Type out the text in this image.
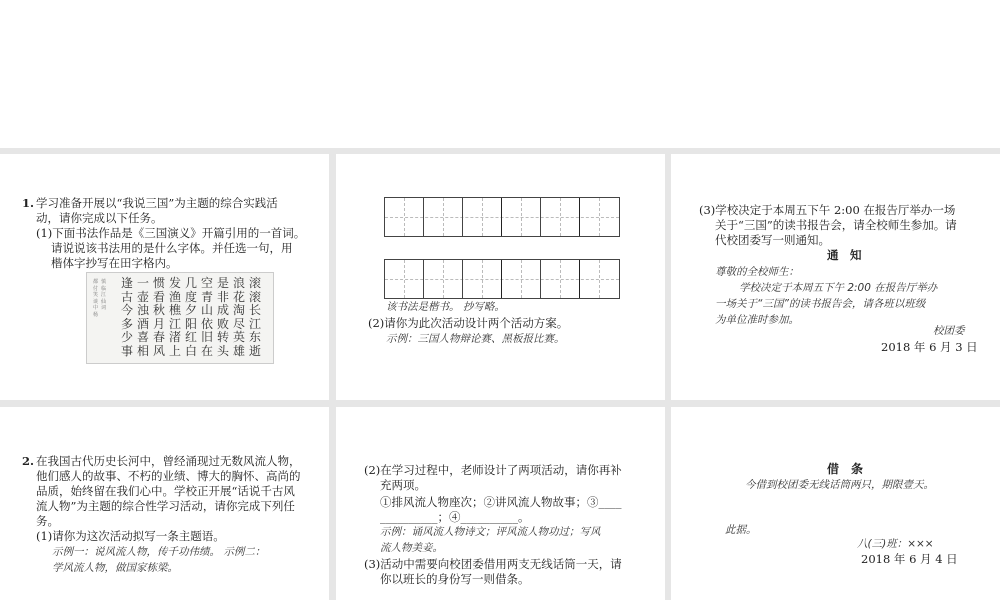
1. 学习准备开展以“我说三国”为主题的综合实践活
动，请你完成以下任务。
(1)下面书法作品是《三国演义》开篇引用的一首词。
请说说该书法用的是什么字体。并任选一句，用
楷体字抄写在田字格内。
都付笑谈中杨
慎临江仙词
滚滚长江东逝
浪花淘尽英雄
是非成败转头
空青山依旧在
几度夕阳红白
发渔樵江渚上
惯看秋月春风
一壶浊酒喜相
逢古今多少事
该书法是楷书。 抄写略。
(2)请你为此次活动设计两个活动方案。
示例：三国人物辩论赛、黑板报比赛。
(3)学校决定于本周五下午 2:00 在报告厅举办一场
关于“三国”的读书报告会，请全校师生参加。请
代校团委写一则通知。
通　知
尊敬的全校师生：
学校决定于本周五下午 2:00 在报告厅举办
一场关于“三国”的读书报告会，请各班以班级
为单位准时参加。
校团委
2018 年 6 月 3 日
2. 在我国古代历史长河中，曾经涌现过无数风流人物，
他们感人的故事、不朽的业绩、博大的胸怀、高尚的
品质，始终留在我们心中。学校正开展“话说千古风
流人物”为主题的综合性学习活动，请你完成下列任
务。
(1)请你为这次活动拟写一条主题语。
示例一：说风流人物，传千功伟绩。 示例二：
学风流人物，做国家栋梁。
(2)在学习过程中，老师设计了两项活动，请你再补
充两项。
①排风流人物座次；②讲风流人物故事；③____
__________；④__________。
示例：诵风流人物诗文；评风流人物功过；写风
流人物美妾。
(3)活动中需要向校团委借用两支无线话筒一天，请
你以班长的身份写一则借条。
借　条
今借到校团委无线话筒两只，期限壹天。
此据。
八(三)班：×××
2018 年 6 月 4 日
